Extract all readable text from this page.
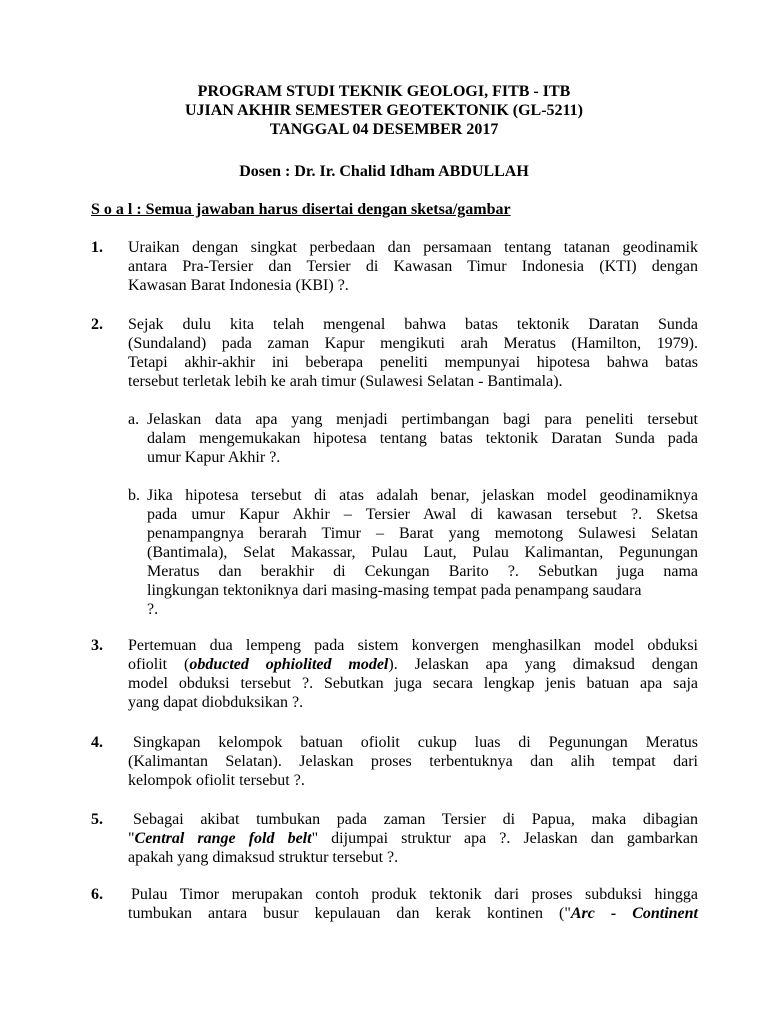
PROGRAM STUDI TEKNIK GEOLOGI, FITB - ITB
UJIAN AKHIR SEMESTER GEOTEKTONIK (GL-5211)
TANGGAL 04 DESEMBER 2017
Dosen : Dr. Ir. Chalid Idham ABDULLAH
S o a l : Semua jawaban harus disertai dengan sketsa/gambar
1. Uraikan dengan singkat perbedaan dan persamaan tentang tatanan geodinamik
antara Pra-Tersier dan Tersier di Kawasan Timur Indonesia (KTI) dengan
Kawasan Barat Indonesia (KBI) ?.
2. Sejak dulu kita telah mengenal bahwa batas tektonik Daratan Sunda
(Sundaland) pada zaman Kapur mengikuti arah Meratus (Hamilton, 1979).
Tetapi akhir-akhir ini beberapa peneliti mempunyai hipotesa bahwa batas
tersebut terletak lebih ke arah timur (Sulawesi Selatan - Bantimala).
a. Jelaskan data apa yang menjadi pertimbangan bagi para peneliti tersebut
dalam mengemukakan hipotesa tentang batas tektonik Daratan Sunda pada
umur Kapur Akhir ?.
b. Jika hipotesa tersebut di atas adalah benar, jelaskan model geodinamiknya
pada umur Kapur Akhir – Tersier Awal di kawasan tersebut ?. Sketsa
penampangnya berarah Timur – Barat yang memotong Sulawesi Selatan
(Bantimala), Selat Makassar, Pulau Laut, Pulau Kalimantan, Pegunungan
Meratus dan berakhir di Cekungan Barito ?. Sebutkan juga nama
lingkungan tektoniknya dari masing-masing tempat pada penampang saudara
?.
3. Pertemuan dua lempeng pada sistem konvergen menghasilkan model obduksi
ofiolit (obducted ophiolited model). Jelaskan apa yang dimaksud dengan
model obduksi tersebut ?. Sebutkan juga secara lengkap jenis batuan apa saja
yang dapat diobduksikan ?.
4.	Singkapan kelompok batuan ofiolit cukup luas di Pegunungan Meratus
(Kalimantan Selatan). Jelaskan proses terbentuknya dan alih tempat dari
kelompok ofiolit tersebut ?.
5.	Sebagai akibat tumbukan pada zaman Tersier di Papua, maka dibagian
"Central range fold belt" dijumpai struktur apa ?. Jelaskan dan gambarkan
apakah yang dimaksud struktur tersebut ?.
6. Pulau Timor merupakan contoh produk tektonik dari proses subduksi hingga
tumbukan antara busur kepulauan dan kerak kontinen ("Arc - Continent
